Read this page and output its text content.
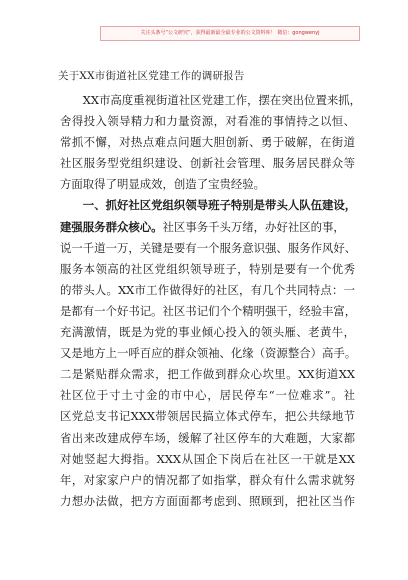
关注头条号“公文研究”，获得最新最全最专业的公文资料库！ 微信：gongwenyj
关于XX市街道社区党建工作的调研报告
XX市高度重视街道社区党建工作，摆在突出位置来抓，
舍得投入领导精力和力量资源，对看准的事情持之以恒、
常抓不懈，对热点难点问题大胆创新、勇于破解，在街道
社区服务型党组织建设、创新社会管理、服务居民群众等
方面取得了明显成效，创造了宝贵经验。
一、抓好社区党组织领导班子特别是带头人队伍建设，
建强服务群众核心。社区事务千头万绪，办好社区的事，
说一千道一万，关键是要有一个服务意识强、服务作风好、
服务本领高的社区党组织领导班子，特别是要有一个优秀
的带头人。XX市工作做得好的社区，有几个共同特点：一
是都有一个好书记。社区书记们个个精明强干，经验丰富，
充满激情，既是为党的事业倾心投入的领头雁、老黄牛，
又是地方上一呼百应的群众领袖、化缘（资源整合）高手。
二是紧贴群众需求，把工作做到群众心坎里。XX街道XX
社区位于寸土寸金的市中心，居民停车“一位难求”。社
区党总支书记XXX带领居民搞立体式停车，把公共绿地节
省出来改建成停车场，缓解了社区停车的大难题，大家都
对她竖起大拇指。XXX从国企下岗后在社区一干就是XX
年，对家家户户的情况都了如指掌，群众有什么需求就努
力想办法做，把方方面面都考虑到、照顾到，把社区当作
